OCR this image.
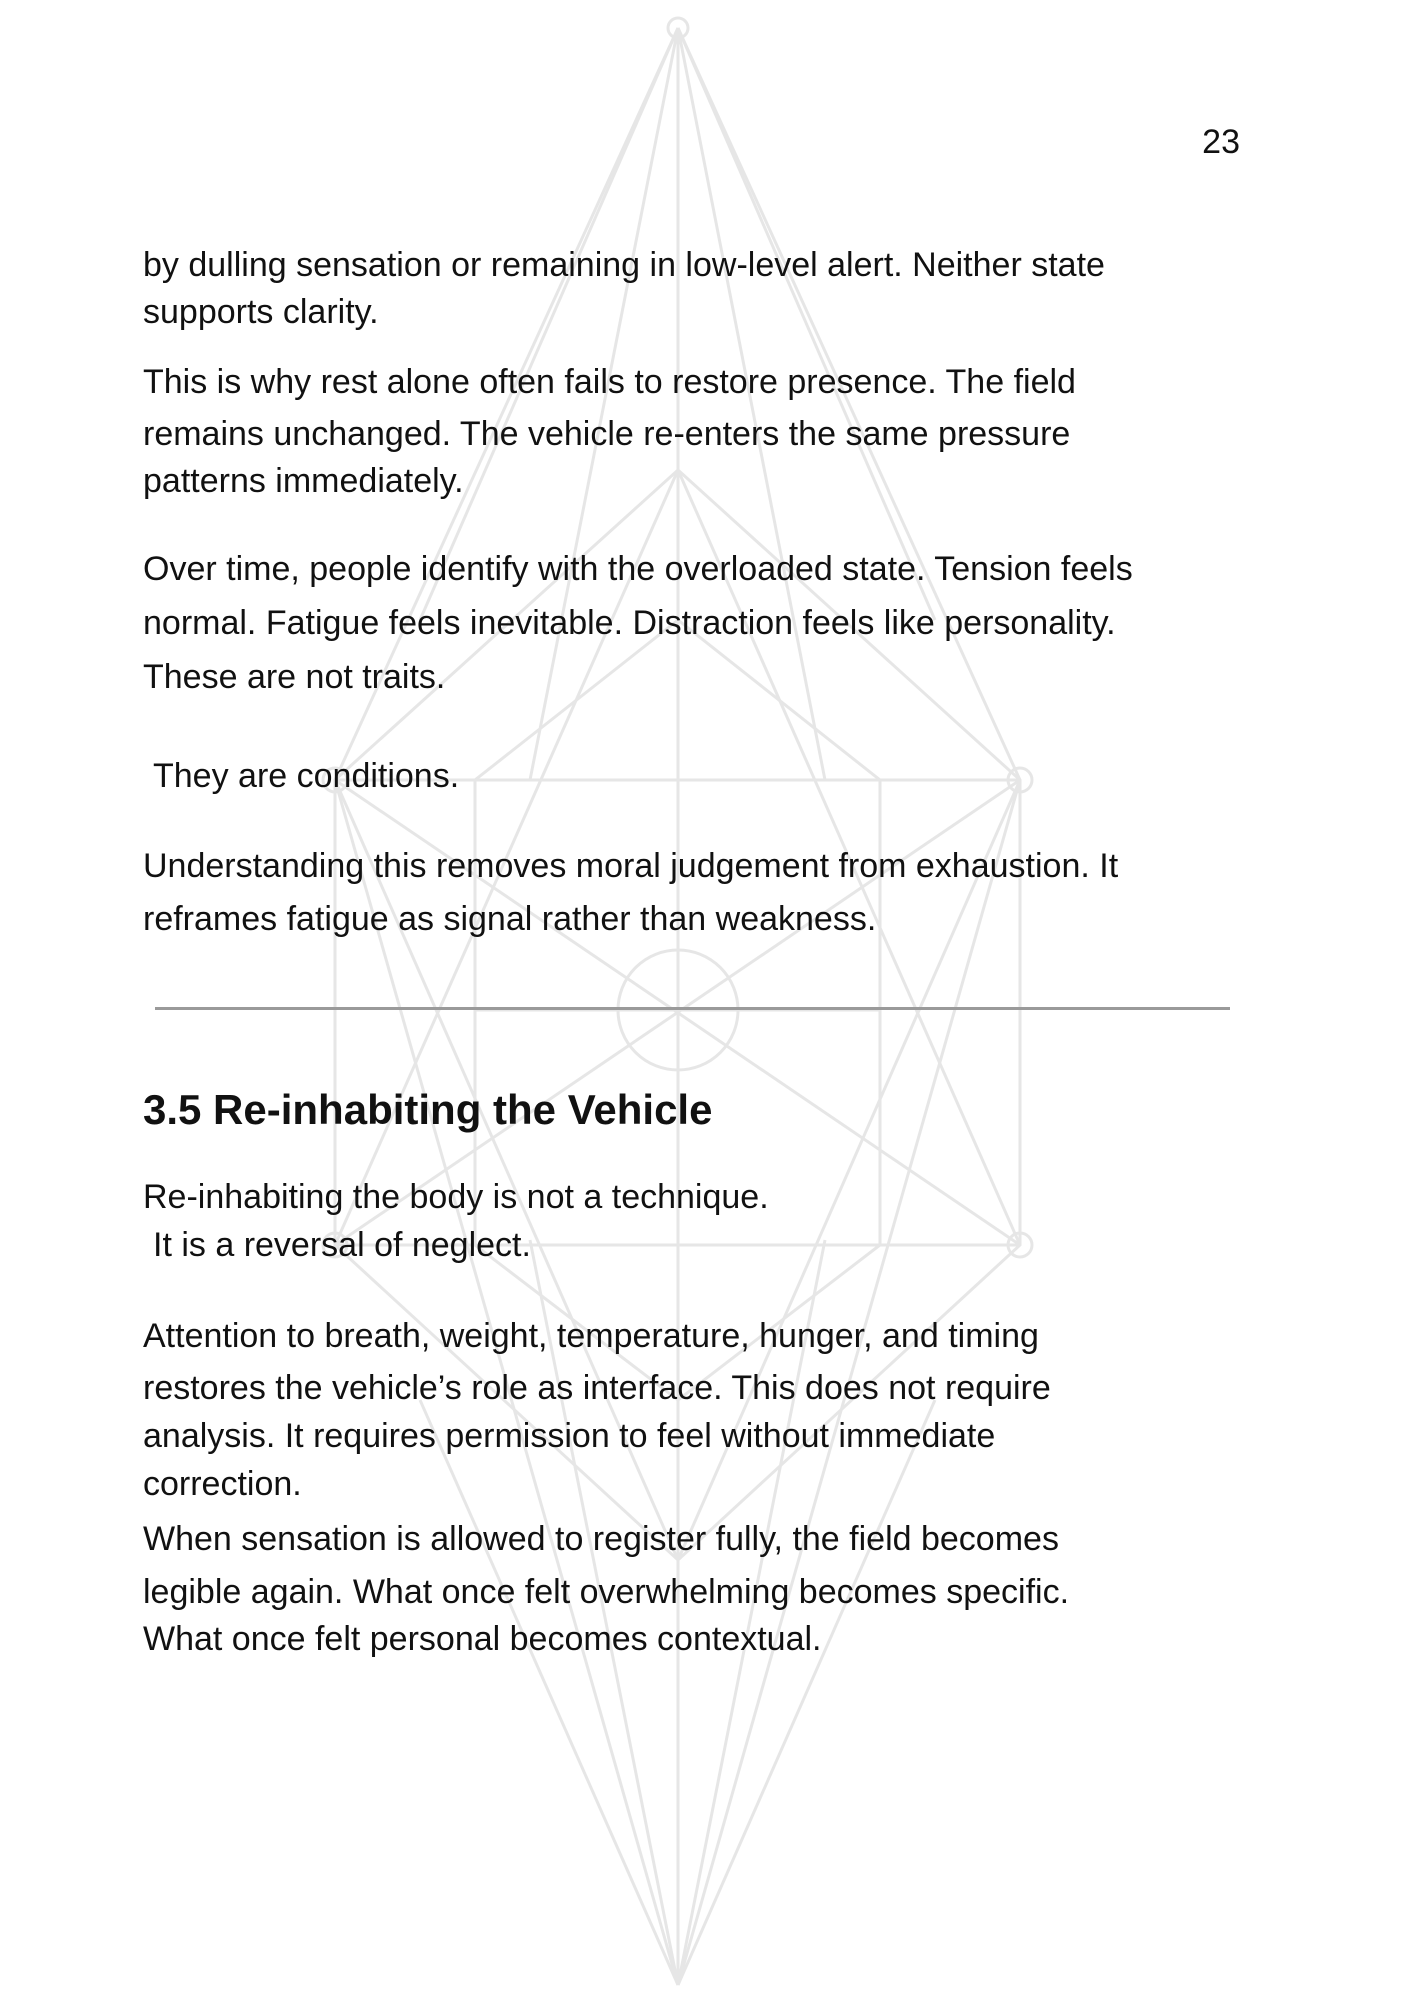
23
by dulling sensation or remaining in low-level alert. Neither state
supports clarity.
This is why rest alone often fails to restore presence. The field
remains unchanged. The vehicle re-enters the same pressure
patterns immediately.
Over time, people identify with the overloaded state. Tension feels
normal. Fatigue feels inevitable. Distraction feels like personality.
These are not traits.
They are conditions.
Understanding this removes moral judgement from exhaustion. It
reframes fatigue as signal rather than weakness.
3.5 Re-inhabiting the Vehicle
Re-inhabiting the body is not a technique.
It is a reversal of neglect.
Attention to breath, weight, temperature, hunger, and timing
restores the vehicle’s role as interface. This does not require
analysis. It requires permission to feel without immediate
correction.
When sensation is allowed to register fully, the field becomes
legible again. What once felt overwhelming becomes specific.
What once felt personal becomes contextual.
